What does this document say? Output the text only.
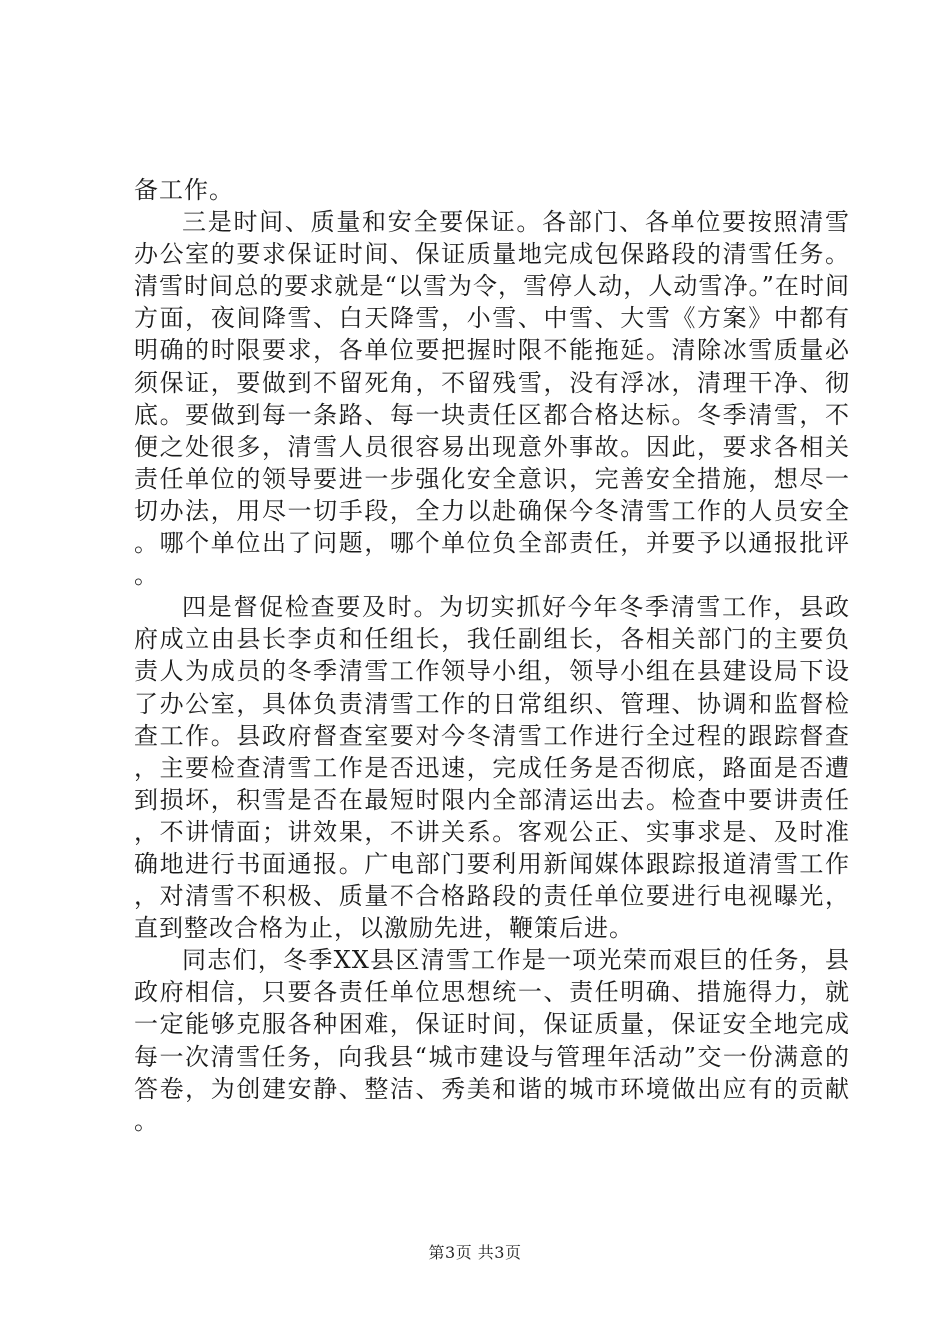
备工作。

三是时间、质量和安全要保证。各部门、各单位要按照清雪办公室的要求保证时间、保证质量地完成包保路段的清雪任务。清雪时间总的要求就是“以雪为令，雪停人动，人动雪净。”在时间方面，夜间降雪、白天降雪，小雪、中雪、大雪《方案》中都有明确的时限要求，各单位要把握时限不能拖延。清除冰雪质量必须保证，要做到不留死角，不留残雪，没有浮冰，清理干净、彻底。要做到每一条路、每一块责任区都合格达标。冬季清雪，不便之处很多，清雪人员很容易出现意外事故。因此，要求各相关责任单位的领导要进一步强化安全意识，完善安全措施，想尽一切办法，用尽一切手段，全力以赴确保今冬清雪工作的人员安全。哪个单位出了问题，哪个单位负全部责任，并要予以通报批评。

四是督促检查要及时。为切实抓好今年冬季清雪工作，县政府成立由县长李贞和任组长，我任副组长，各相关部门的主要负责人为成员的冬季清雪工作领导小组，领导小组在县建设局下设了办公室，具体负责清雪工作的日常组织、管理、协调和监督检查工作。县政府督查室要对今冬清雪工作进行全过程的跟踪督查，主要检查清雪工作是否迅速，完成任务是否彻底，路面是否遭到损坏，积雪是否在最短时限内全部清运出去。检查中要讲责任，不讲情面；讲效果，不讲关系。客观公正、实事求是、及时准确地进行书面通报。广电部门要利用新闻媒体跟踪报道清雪工作，对清雪不积极、质量不合格路段的责任单位要进行电视曝光，直到整改合格为止，以激励先进，鞭策后进。

同志们，冬季XX县区清雪工作是一项光荣而艰巨的任务，县政府相信，只要各责任单位思想统一、责任明确、措施得力，就一定能够克服各种困难，保证时间，保证质量，保证安全地完成每一次清雪任务，向我县“城市建设与管理年活动”交一份满意的答卷，为创建安静、整洁、秀美和谐的城市环境做出应有的贡献。

第3页 共3页
